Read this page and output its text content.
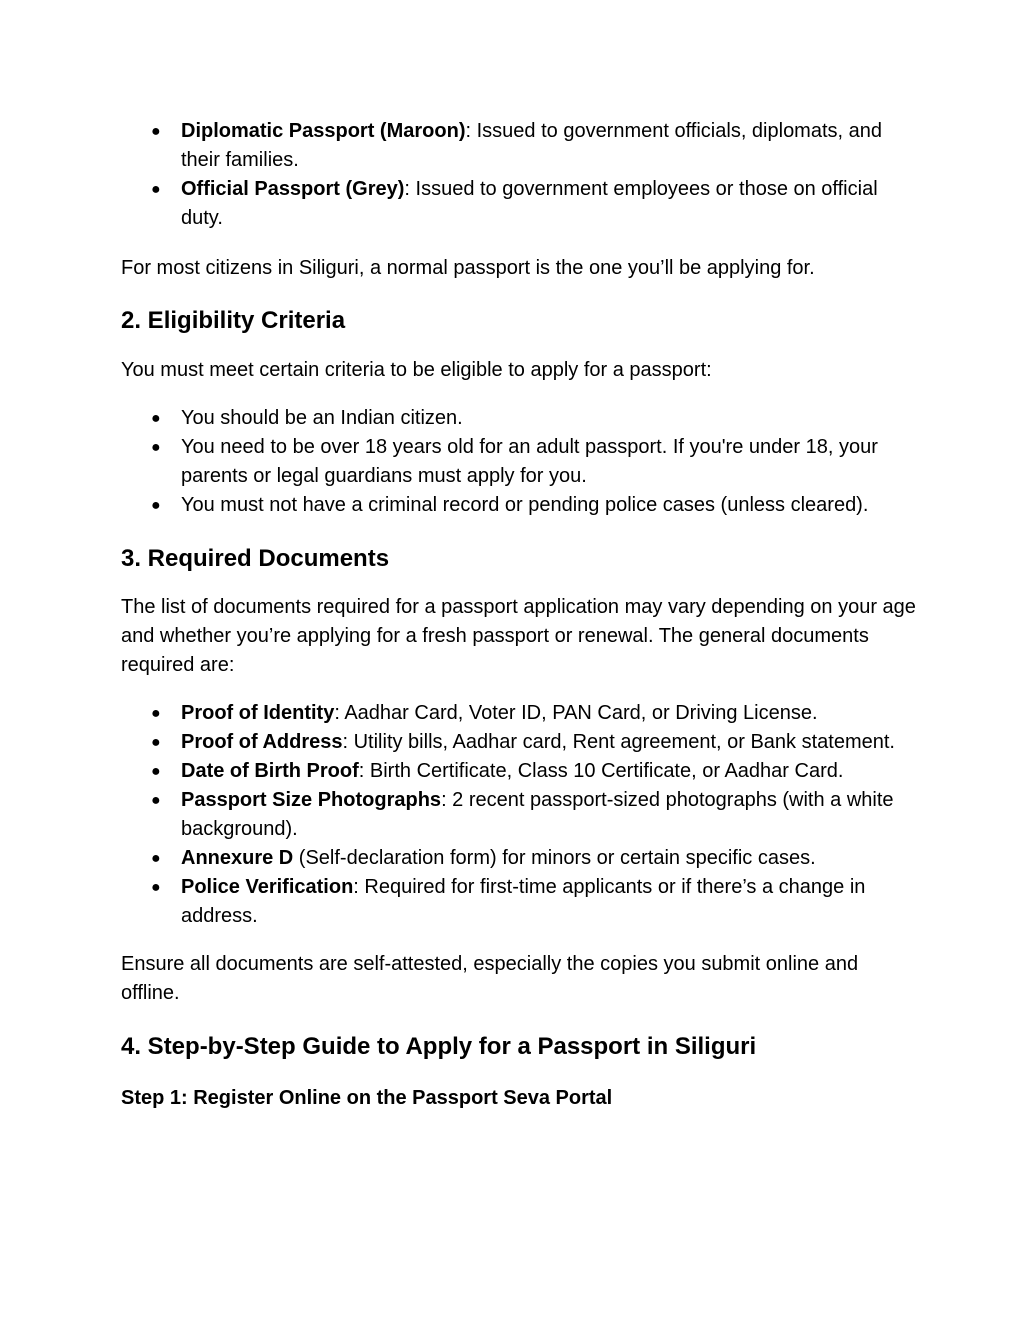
● Diplomatic Passport (Maroon): Issued to government officials, diplomats, and their families.
● Official Passport (Grey): Issued to government employees or those on official duty.

For most citizens in Siliguri, a normal passport is the one you’ll be applying for.

2. Eligibility Criteria

You must meet certain criteria to be eligible to apply for a passport:

● You should be an Indian citizen.
● You need to be over 18 years old for an adult passport. If you're under 18, your parents or legal guardians must apply for you.
● You must not have a criminal record or pending police cases (unless cleared).
3. Required Documents

The list of documents required for a passport application may vary depending on your age and whether you’re applying for a fresh passport or renewal. The general documents required are:

● Proof of Identity: Aadhar Card, Voter ID, PAN Card, or Driving License.
● Proof of Address: Utility bills, Aadhar card, Rent agreement, or Bank statement.
● Date of Birth Proof: Birth Certificate, Class 10 Certificate, or Aadhar Card.
● Passport Size Photographs: 2 recent passport-sized photographs (with a white background).
● Annexure D (Self-declaration form) for minors or certain specific cases.
● Police Verification: Required for first-time applicants or if there’s a change in address.

Ensure all documents are self-attested, especially the copies you submit online and offline.

4. Step-by-Step Guide to Apply for a Passport in Siliguri
Step 1: Register Online on the Passport Seva Portal
